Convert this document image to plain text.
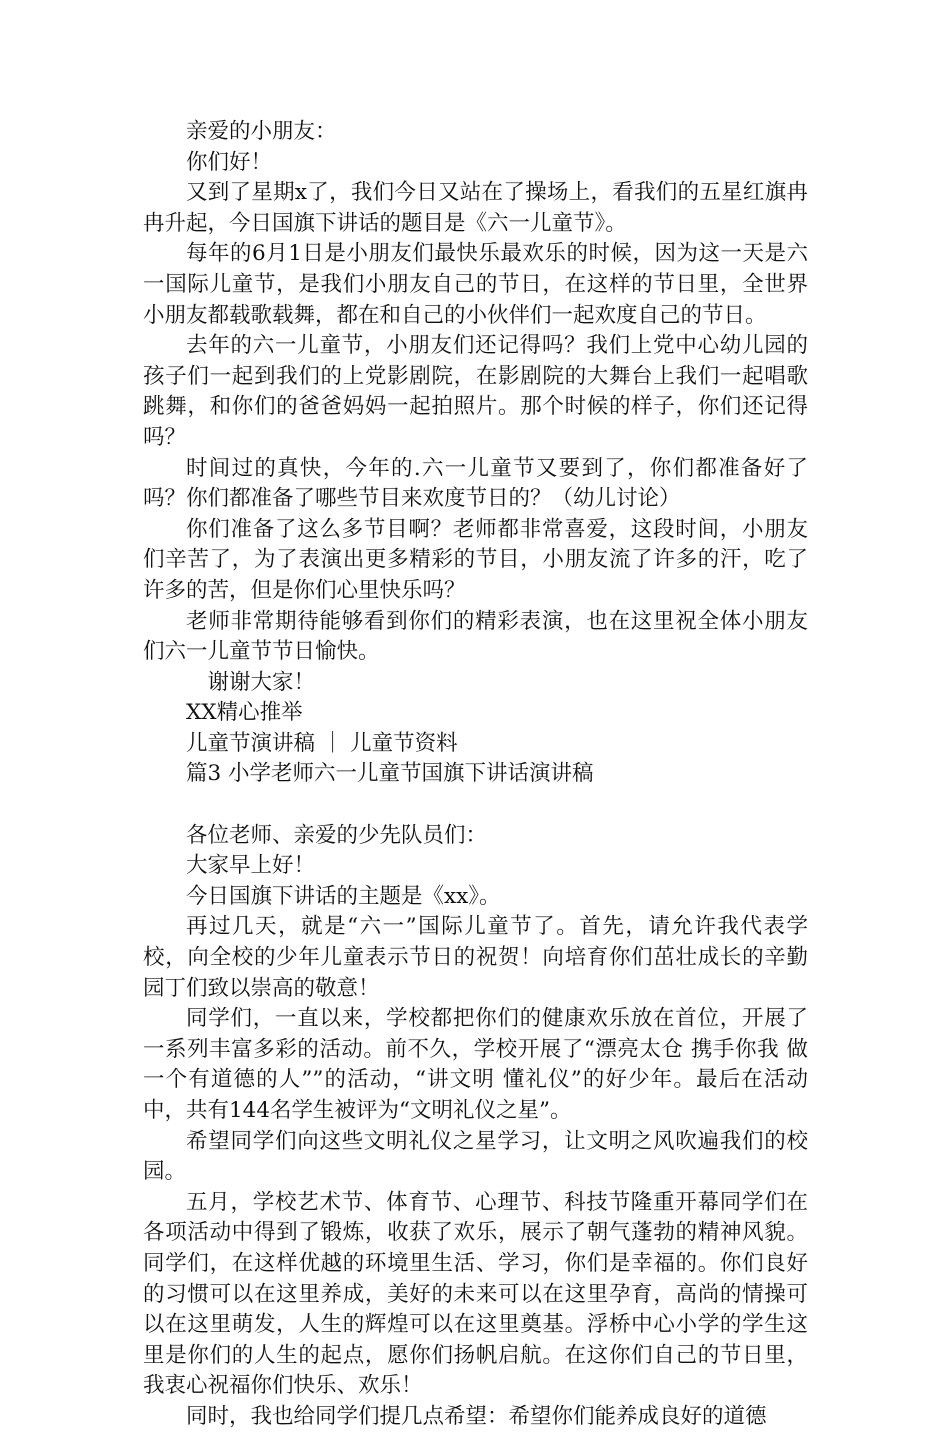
亲爱的小朋友：

你们好！

又到了星期x了，我们今日又站在了操场上，看我们的五星红旗冉冉升起，今日国旗下讲话的题目是《六一儿童节》。

每年的6月1日是小朋友们最快乐最欢乐的时候，因为这一天是六一国际儿童节，是我们小朋友自己的节日，在这样的节日里，全世界小朋友都载歌载舞，都在和自己的小伙伴们一起欢度自己的节日。

去年的六一儿童节，小朋友们还记得吗？我们上党中心幼儿园的孩子们一起到我们的上党影剧院，在影剧院的大舞台上我们一起唱歌跳舞，和你们的爸爸妈妈一起拍照片。那个时候的样子，你们还记得吗？

时间过的真快，今年的.六一儿童节又要到了，你们都准备好了吗？你们都准备了哪些节目来欢度节日的？（幼儿讨论）

你们准备了这么多节目啊？老师都非常喜爱，这段时间，小朋友们辛苦了，为了表演出更多精彩的节目，小朋友流了许多的汗，吃了许多的苦，但是你们心里快乐吗？

老师非常期待能够看到你们的精彩表演，也在这里祝全体小朋友们六一儿童节节日愉快。

谢谢大家！

XX精心推举

儿童节演讲稿 ｜ 儿童节资料

篇3 小学老师六一儿童节国旗下讲话演讲稿

各位老师、亲爱的少先队员们：

大家早上好！

今日国旗下讲话的主题是《xx》。

再过几天，就是“六一”国际儿童节了。首先，请允许我代表学校，向全校的少年儿童表示节日的祝贺！向培育你们茁壮成长的辛勤园丁们致以崇高的敬意！

同学们，一直以来，学校都把你们的健康欢乐放在首位，开展了一系列丰富多彩的活动。前不久，学校开展了“漂亮太仓 携手你我 做一个有道德的人””的活动，“讲文明 懂礼仪”的好少年。最后在活动中，共有144名学生被评为“文明礼仪之星”。

希望同学们向这些文明礼仪之星学习，让文明之风吹遍我们的校园。

五月，学校艺术节、体育节、心理节、科技节隆重开幕同学们在各项活动中得到了锻炼，收获了欢乐，展示了朝气蓬勃的精神风貌。同学们，在这样优越的环境里生活、学习，你们是幸福的。你们良好的习惯可以在这里养成，美好的未来可以在这里孕育，高尚的情操可以在这里萌发，人生的辉煌可以在这里奠基。浮桥中心小学的学生这里是你们的人生的起点，愿你们扬帆启航。在这你们自己的节日里，我衷心祝福你们快乐、欢乐！

同时，我也给同学们提几点希望：希望你们能养成良好的道德
